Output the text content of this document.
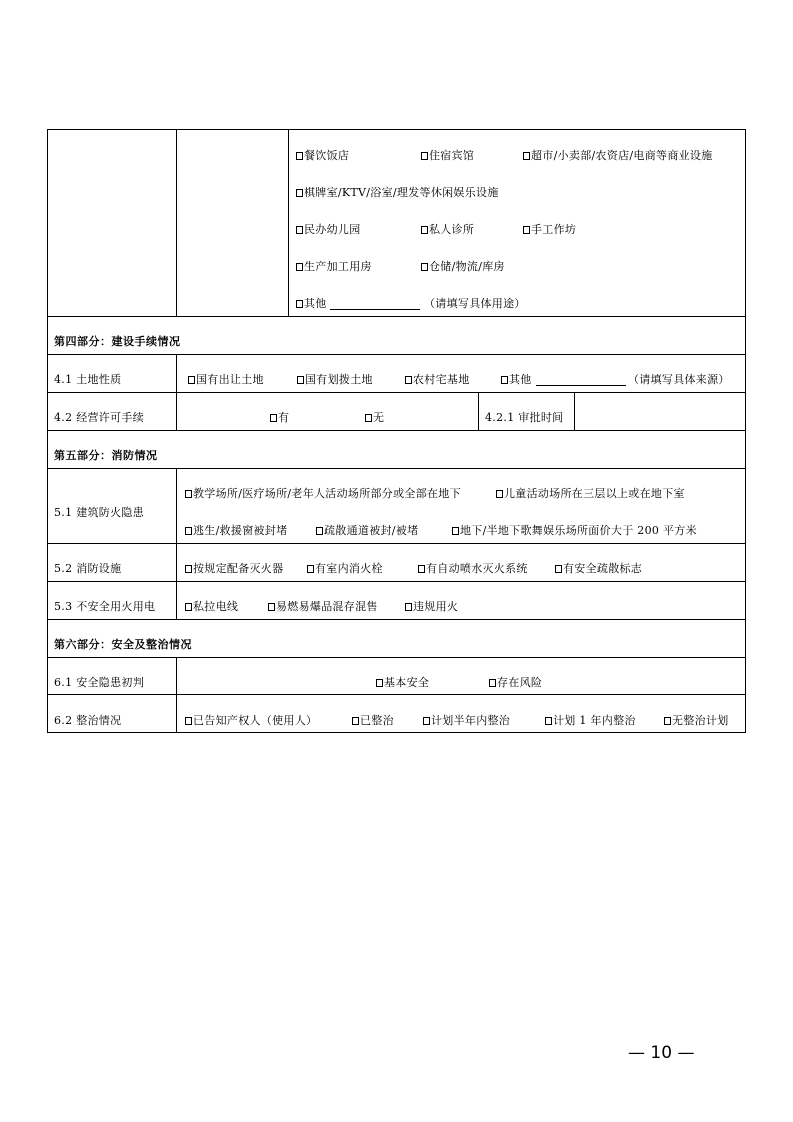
餐饮饭店	住宿宾馆	超市/小卖部/农资店/电商等商业设施
棋牌室/KTV/浴室/理发等休闲娱乐设施
民办幼儿园	私人诊所	手工作坊
生产加工用房	仓储/物流/库房
其他	（请填写具体用途）
第四部分：建设手续情况
4.1 土地性质	国有出让土地	国有划拨土地	农村宅基地	其他	（请填写具体来源）
4.2 经营许可手续	有	无	4.2.1 审批时间
第五部分：消防情况
5.1 建筑防火隐患
教学场所/医疗场所/老年人活动场所部分或全部在地下	儿童活动场所在三层以上或在地下室
逃生/救援窗被封堵	疏散通道被封/被堵	地下/半地下歌舞娱乐场所面价大于 200 平方米
5.2 消防设施	按规定配备灭火器	有室内消火栓	有自动喷水灭火系统	有安全疏散标志
5.3 不安全用火用电	私拉电线	易燃易爆品混存混售	违规用火
第六部分：安全及整治情况
6.1 安全隐患初判	基本安全	存在风险
6.2 整治情况	已告知产权人（使用人）	已整治	计划半年内整治	计划 1 年内整治	无整治计划
— 10 —
